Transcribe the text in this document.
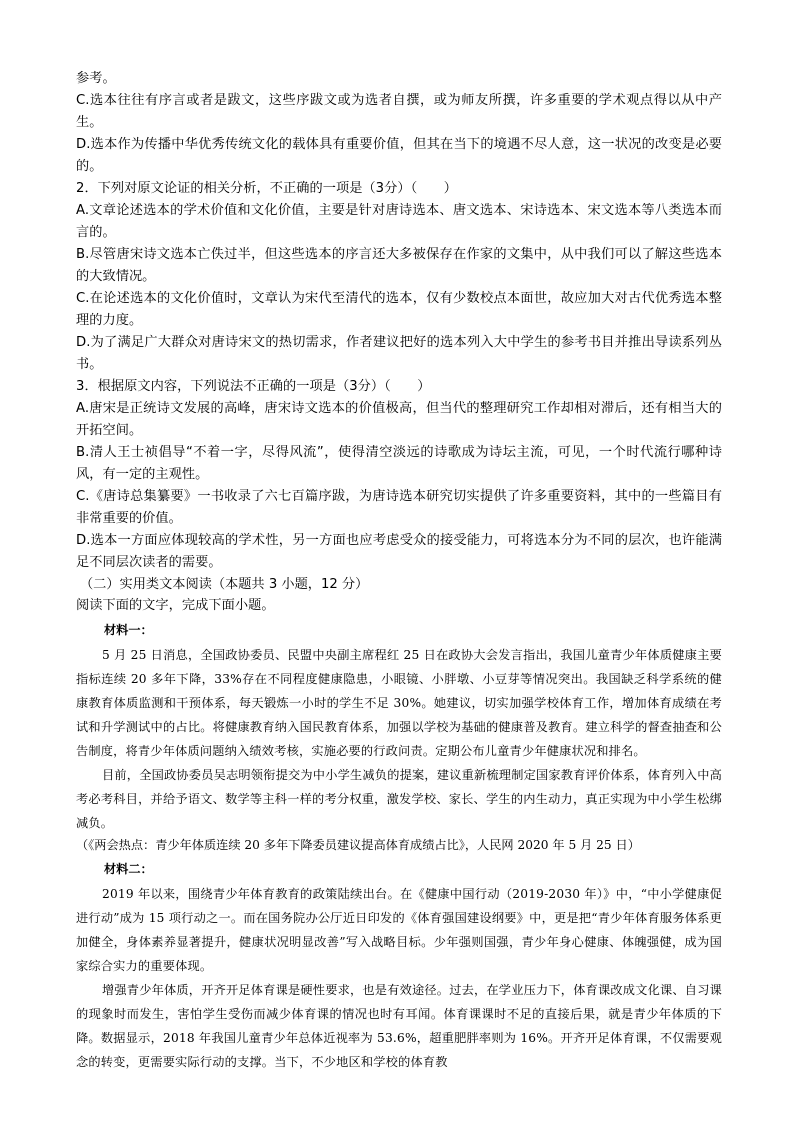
参考。

C.选本往往有序言或者是跋文，这些序跋文或为选者自撰，或为师友所撰，许多重要的学术观点得以从中产生。

D.选本作为传播中华优秀传统文化的载体具有重要价值，但其在当下的境遇不尽人意，这一状况的改变是必要的。

2．下列对原文论证的相关分析，不正确的一项是（3分）（　　）

A.文章论述选本的学术价值和文化价值，主要是针对唐诗选本、唐文选本、宋诗选本、宋文选本等八类选本而言的。

B.尽管唐宋诗文选本亡佚过半，但这些选本的序言还大多被保存在作家的文集中，从中我们可以了解这些选本的大致情况。

C.在论述选本的文化价值时，文章认为宋代至清代的选本，仅有少数校点本面世，故应加大对古代优秀选本整理的力度。

D.为了满足广大群众对唐诗宋文的热切需求，作者建议把好的选本列入大中学生的参考书目并推出导读系列丛书。

3．根据原文内容，下列说法不正确的一项是（3分）（　　）

A.唐宋是正统诗文发展的高峰，唐宋诗文选本的价值极高，但当代的整理研究工作却相对滞后，还有相当大的开拓空间。

B.清人王士祯倡导“不着一字，尽得风流”，使得清空淡远的诗歌成为诗坛主流，可见，一个时代流行哪种诗风，有一定的主观性。

C.《唐诗总集纂要》一书收录了六七百篇序跋，为唐诗选本研究切实提供了许多重要资料，其中的一些篇目有非常重要的价值。

D.选本一方面应体现较高的学术性，另一方面也应考虑受众的接受能力，可将选本分为不同的层次，也许能满足不同层次读者的需要。

（二）实用类文本阅读（本题共 3 小题，12 分）

阅读下面的文字，完成下面小题。

材料一：

5 月 25 日消息，全国政协委员、民盟中央副主席程红 25 日在政协大会发言指出，我国儿童青少年体质健康主要指标连续 20 多年下降，33%存在不同程度健康隐患，小眼镜、小胖墩、小豆芽等情况突出。我国缺乏科学系统的健康教育体质监测和干预体系，每天锻炼一小时的学生不足 30%。她建议，切实加强学校体育工作，增加体育成绩在考试和升学测试中的占比。将健康教育纳入国民教育体系，加强以学校为基础的健康普及教育。建立科学的督查抽查和公告制度，将青少年体质问题纳入绩效考核，实施必要的行政问责。定期公布儿童青少年健康状况和排名。

目前，全国政协委员吴志明领衔提交为中小学生减负的提案，建议重新梳理制定国家教育评价体系，体育列入中高考必考科目，并给予语文、数学等主科一样的考分权重，激发学校、家长、学生的内生动力，真正实现为中小学生松绑减负。

（《两会热点：青少年体质连续 20 多年下降委员建议提高体育成绩占比》，人民网 2020 年 5 月 25 日）

材料二：

2019 年以来，围绕青少年体育教育的政策陆续出台。在《健康中国行动（2019-2030 年）》中，“中小学健康促进行动”成为 15 项行动之一。而在国务院办公厅近日印发的《体育强国建设纲要》中，更是把“青少年体育服务体系更加健全，身体素养显著提升，健康状况明显改善”写入战略目标。少年强则国强，青少年身心健康、体魄强健，成为国家综合实力的重要体现。

增强青少年体质，开齐开足体育课是硬性要求，也是有效途径。过去，在学业压力下，体育课改成文化课、自习课的现象时而发生，害怕学生受伤而减少体育课的情况也时有耳闻。体育课课时不足的直接后果，就是青少年体质的下降。数据显示，2018 年我国儿童青少年总体近视率为 53.6%，超重肥胖率则为 16%。开齐开足体育课，不仅需要观念的转变，更需要实际行动的支撑。当下，不少地区和学校的体育教
